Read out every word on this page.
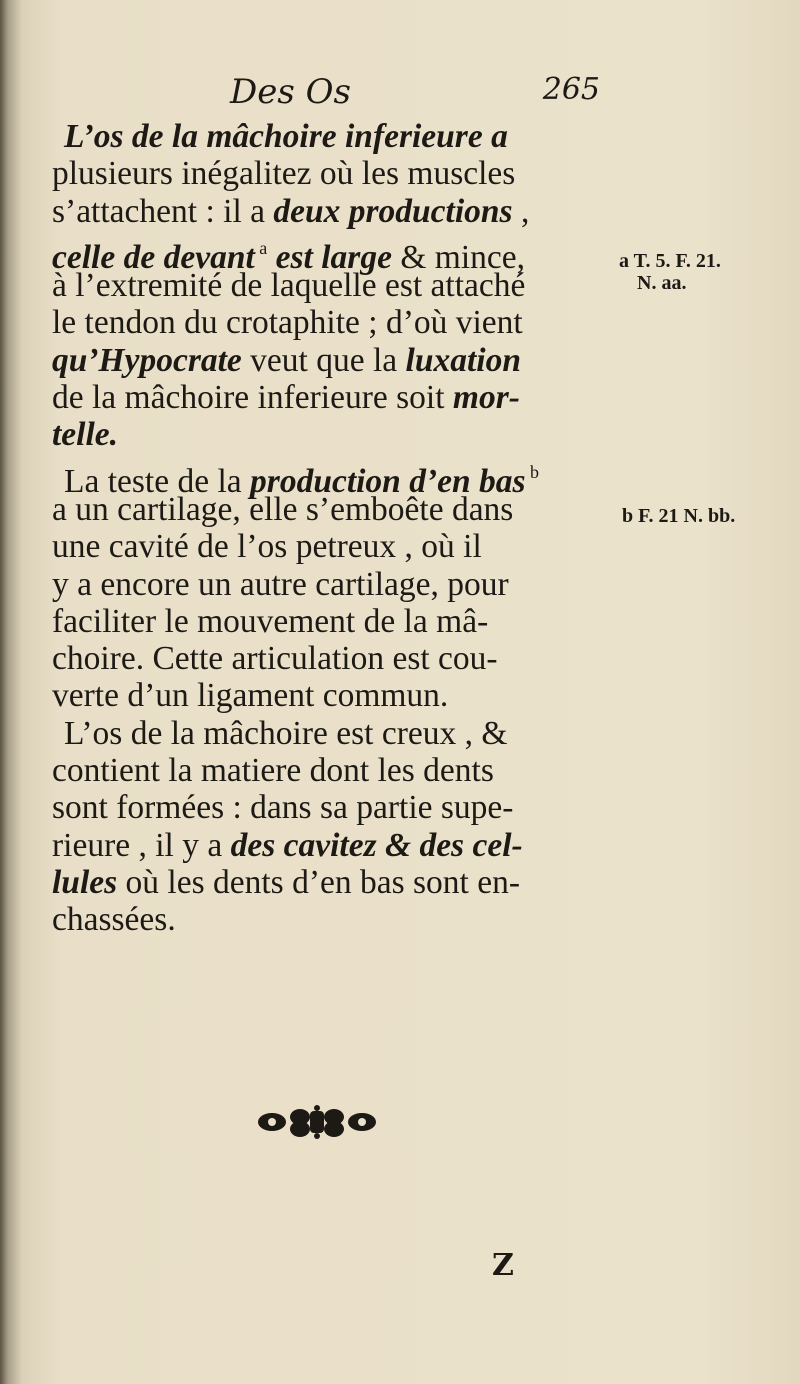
Des Os	265
L’os de la mâchoire inferieure a
plusieurs inégalitez où les muscles
s’attachent : il a deux productions ,
celle de devant $^a$ est large & mince,
à l’extremité de laquelle est attaché
le tendon du crotaphite ; d’où vient
qu’Hypocrate veut que la luxation
de la mâchoire inferieure soit mor-
telle.
La teste de la production d’en bas $^b$
a un cartilage, elle s’emboête dans
une cavité de l’os petreux , où il
y a encore un autre cartilage, pour
faciliter le mouvement de la mâ-
choire. Cette articulation est cou-
verte d’un ligament commun.
L’os de la mâchoire est creux , &
contient la matiere dont les dents
sont formées : dans sa partie supe-
rieure , il y a des cavitez & des cel-
lules où les dents d’en bas sont en-
chassées.
a T. 5. F. 21.
N. aa.
b F. 21 N. bb.
Z
